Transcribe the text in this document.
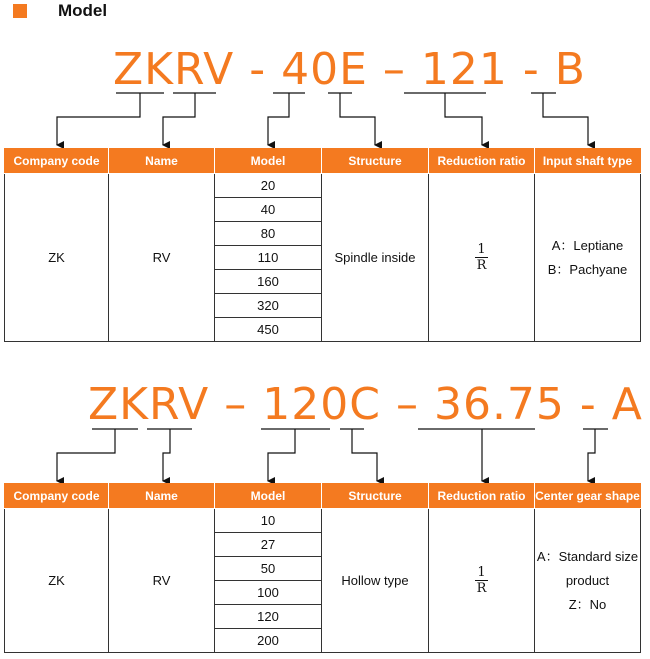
Model
ZKRV - 40E – 121 - B
Company code	Name	Model	Structure	Reduction ratio	Input shaft type
ZK	RV	20	Spindle inside	$\frac{1}{R}$	A：Leptiane
B：Pachyane

		40			
		80			
		110			
		160			
		320			
		450			
ZKRV – 120C – 36.75 - A
Company code	Name	Model	Structure	Reduction ratio	Center gear shape
ZK	RV	10	Hollow type	$\frac{1}{R}$	A：Standard size product
Z：No

		27			
		50			
		100			
		120			
		200			
